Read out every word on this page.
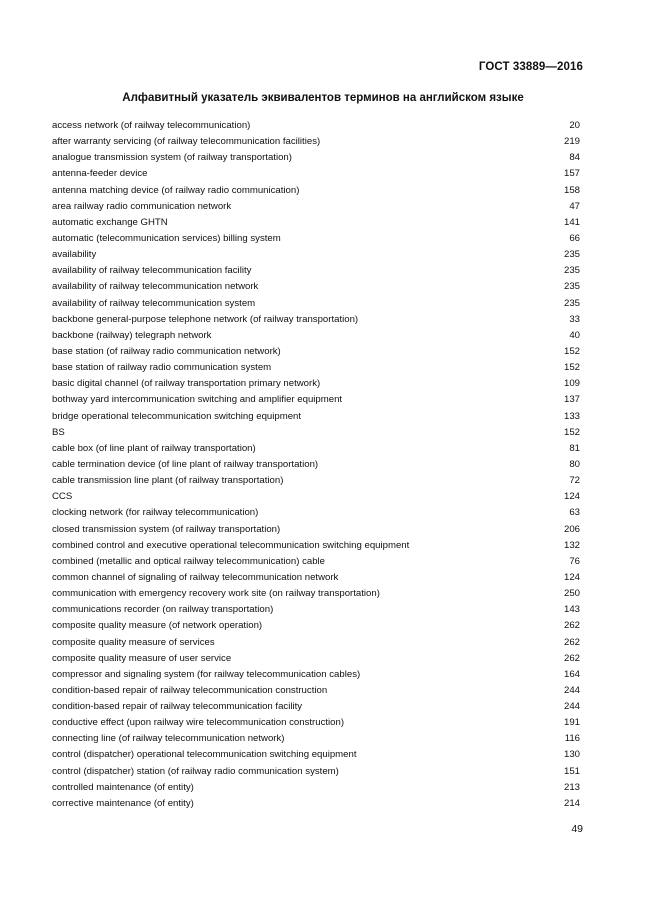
ГОСТ 33889—2016
Алфавитный указатель эквивалентов терминов на английском языке
access network (of railway telecommunication)	20
after warranty servicing (of railway telecommunication facilities)	219
analogue transmission system (of railway transportation)	84
antenna-feeder device	157
antenna matching device (of railway radio communication)	158
area railway radio communication network	47
automatic exchange GHTN	141
automatic (telecommunication services) billing system	66
availability	235
availability of railway telecommunication facility	235
availability of railway telecommunication network	235
availability of railway telecommunication system	235
backbone general-purpose telephone network (of railway transportation)	33
backbone (railway) telegraph network	40
base station (of railway radio communication network)	152
base station of railway radio communication system	152
basic digital channel (of railway transportation primary network)	109
bothway yard intercommunication switching and amplifier equipment	137
bridge operational telecommunication switching equipment	133
BS	152
cable box (of line plant of railway transportation)	81
cable termination device (of line plant of railway transportation)	80
cable transmission line plant (of railway transportation)	72
CCS	124
clocking network (for railway telecommunication)	63
closed transmission system (of railway transportation)	206
combined control and executive operational telecommunication switching equipment	132
combined (metallic and optical railway telecommunication) cable	76
common channel of signaling of railway telecommunication network	124
communication with emergency recovery work site (on railway transportation)	250
communications recorder (on railway transportation)	143
composite quality measure (of network operation)	262
composite quality measure of services	262
composite quality measure of user service	262
compressor and signaling system (for railway telecommunication cables)	164
condition-based repair of railway telecommunication construction	244
condition-based repair of railway telecommunication facility	244
conductive effect (upon railway wire telecommunication construction)	191
connecting line (of railway telecommunication network)	116
control (dispatcher) operational telecommunication switching equipment	130
control (dispatcher) station (of railway radio communication system)	151
controlled maintenance (of entity)	213
corrective maintenance (of entity)	214
49
